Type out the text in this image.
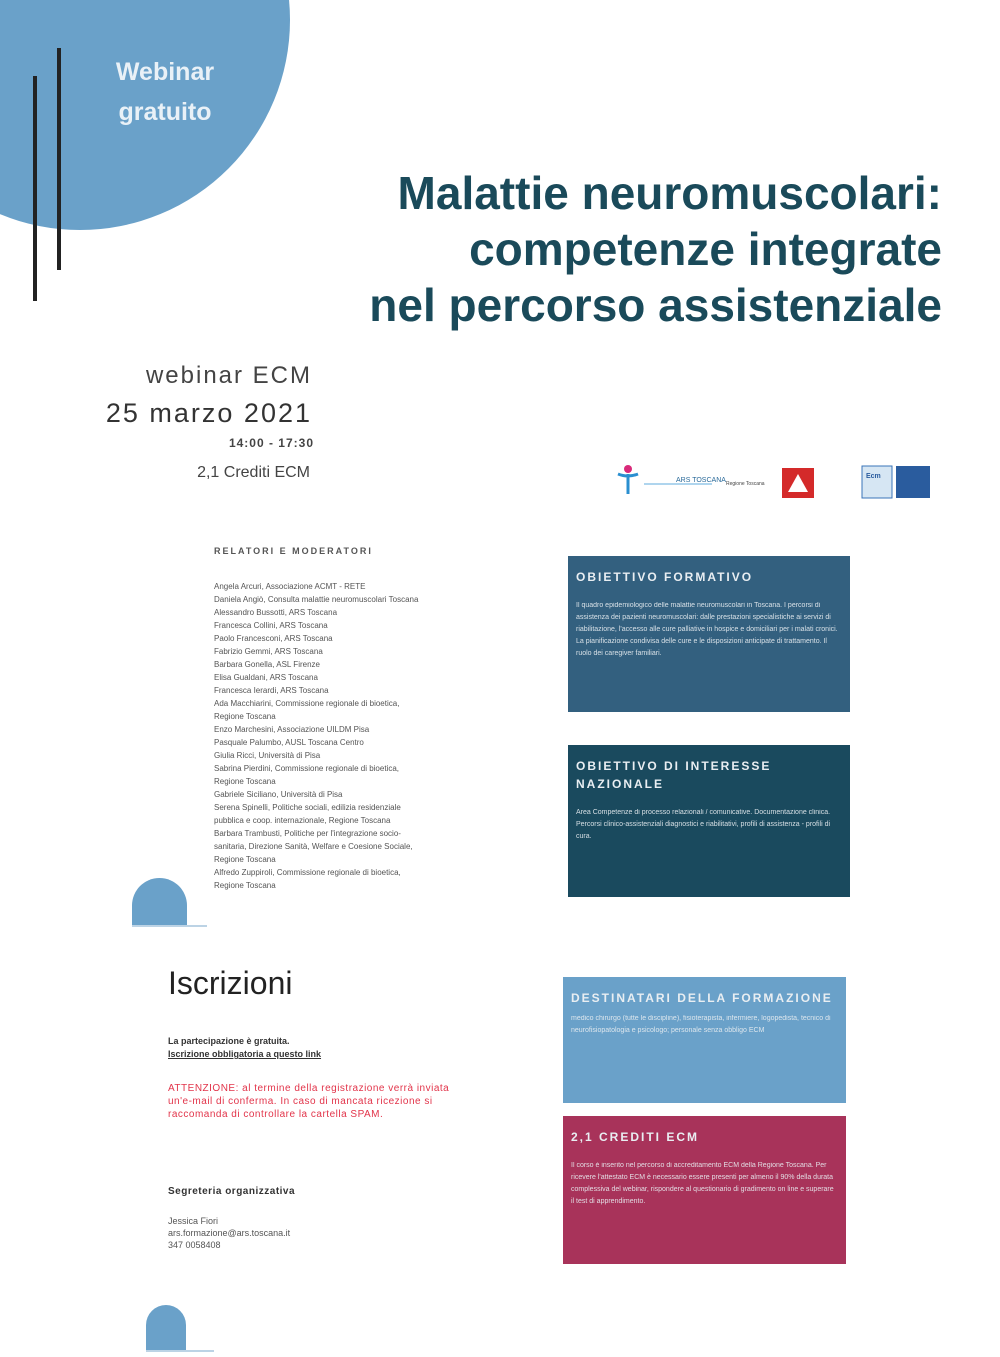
Webinar
gratuito
Malattie neuromuscolari:
competenze integrate
nel percorso assistenziale
webinar ECM
25 marzo 2021
14:00 - 17:30
2,1 Crediti ECM	ARS TOSCANA Regione Toscana
Ecm
RELATORI E MODERATORI
Angela Arcuri, Associazione ACMT - RETE
Daniela Angiò, Consulta malattie neuromuscolari Toscana
Alessandro Bussotti, ARS Toscana
Francesca Collini, ARS Toscana
Paolo Francesconi, ARS Toscana
Fabrizio Gemmi, ARS Toscana
Barbara Gonella, ASL Firenze
Elisa Gualdani, ARS Toscana
Francesca Ierardi, ARS Toscana
Ada Macchiarini, Commissione regionale di bioetica,
Regione Toscana
Enzo Marchesini, Associazione UILDM Pisa
Pasquale Palumbo, AUSL Toscana Centro
Giulia Ricci, Università di Pisa
Sabrina Pierdini, Commissione regionale di bioetica,
Regione Toscana
Gabriele Siciliano, Università di Pisa
Serena Spinelli, Politiche sociali, edilizia residenziale
pubblica e coop. internazionale, Regione Toscana
Barbara Trambusti, Politiche per l'integrazione socio-
sanitaria, Direzione Sanità, Welfare e Coesione Sociale,
Regione Toscana
Alfredo Zuppiroli, Commissione regionale di bioetica,
Regione Toscana
OBIETTIVO FORMATIVO
Il quadro epidemiologico delle malattie neuromuscolari in Toscana. I percorsi di assistenza dei pazienti neuromuscolari: dalle prestazioni specialistiche ai servizi di riabilitazione, l'accesso alle cure palliative in hospice e domiciliari per i malati cronici. La pianificazione condivisa delle cure e le disposizioni anticipate di trattamento. Il ruolo dei caregiver familiari.
OBIETTIVO DI INTERESSE NAZIONALE
Area Competenze di processo relazionali / comunicative. Documentazione clinica. Percorsi clinico-assistenziali diagnostici e riabilitativi, profili di assistenza - profili di cura.
DESTINATARI DELLA FORMAZIONE
medico chirurgo (tutte le discipline), fisioterapista, infermiere, logopedista, tecnico di neurofisiopatologia e psicologo; personale senza obbligo ECM
2,1 CREDITI ECM
Il corso è inserito nel percorso di accreditamento ECM della Regione Toscana. Per ricevere l'attestato ECM è necessario essere presenti per almeno il 90% della durata complessiva del webinar, rispondere al questionario di gradimento on line e superare il test di apprendimento.
Iscrizioni
La partecipazione è gratuita.
Iscrizione obbligatoria a questo link
ATTENZIONE: al termine della registrazione verrà inviata un'e-mail di conferma. In caso di mancata ricezione si raccomanda di controllare la cartella SPAM.
Segreteria organizzativa
Jessica Fiori
ars.formazione@ars.toscana.it
347 0058408
